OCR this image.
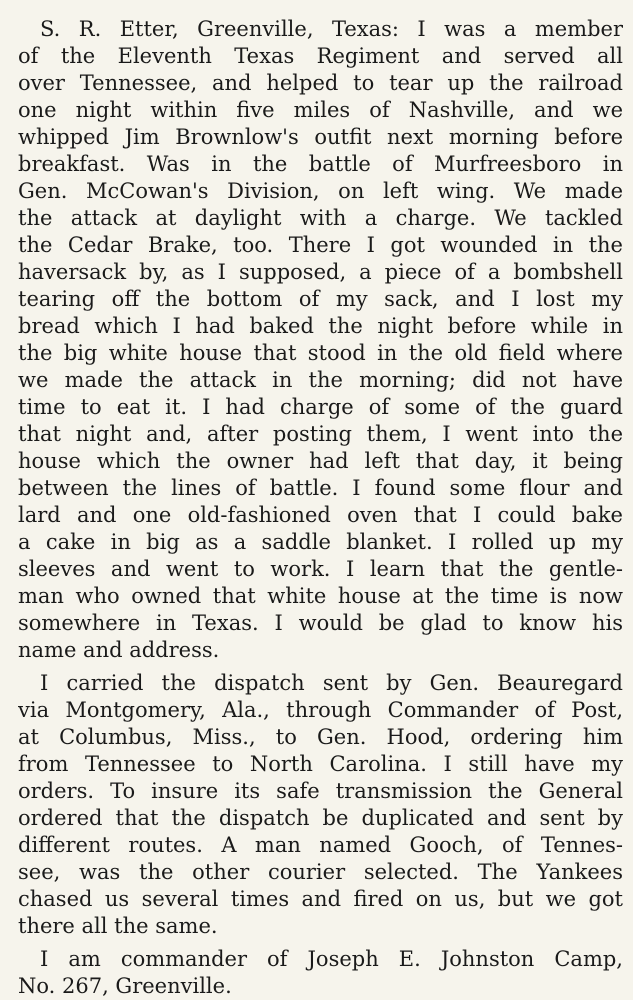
S. R. Etter, Greenville, Texas: I was a member
of the Eleventh Texas Regiment and served all
over Tennessee, and helped to tear up the railroad
one night within five miles of Nashville, and we
whipped Jim Brownlow's outfit next morning before
breakfast. Was in the battle of Murfreesboro in
Gen. McCowan's Division, on left wing. We made
the attack at daylight with a charge. We tackled
the Cedar Brake, too. There I got wounded in the
haversack by, as I supposed, a piece of a bombshell
tearing off the bottom of my sack, and I lost my
bread which I had baked the night before while in
the big white house that stood in the old field where
we made the attack in the morning; did not have
time to eat it. I had charge of some of the guard
that night and, after posting them, I went into the
house which the owner had left that day, it being
between the lines of battle. I found some flour and
lard and one old-fashioned oven that I could bake
a cake in big as a saddle blanket. I rolled up my
sleeves and went to work. I learn that the gentle-
man who owned that white house at the time is now
somewhere in Texas. I would be glad to know his
name and address.

I carried the dispatch sent by Gen. Beauregard
via Montgomery, Ala., through Commander of Post,
at Columbus, Miss., to Gen. Hood, ordering him
from Tennessee to North Carolina. I still have my
orders. To insure its safe transmission the General
ordered that the dispatch be duplicated and sent by
different routes. A man named Gooch, of Tennes-
see, was the other courier selected. The Yankees
chased us several times and fired on us, but we got
there all the same.

I am commander of Joseph E. Johnston Camp,
No. 267, Greenville.
